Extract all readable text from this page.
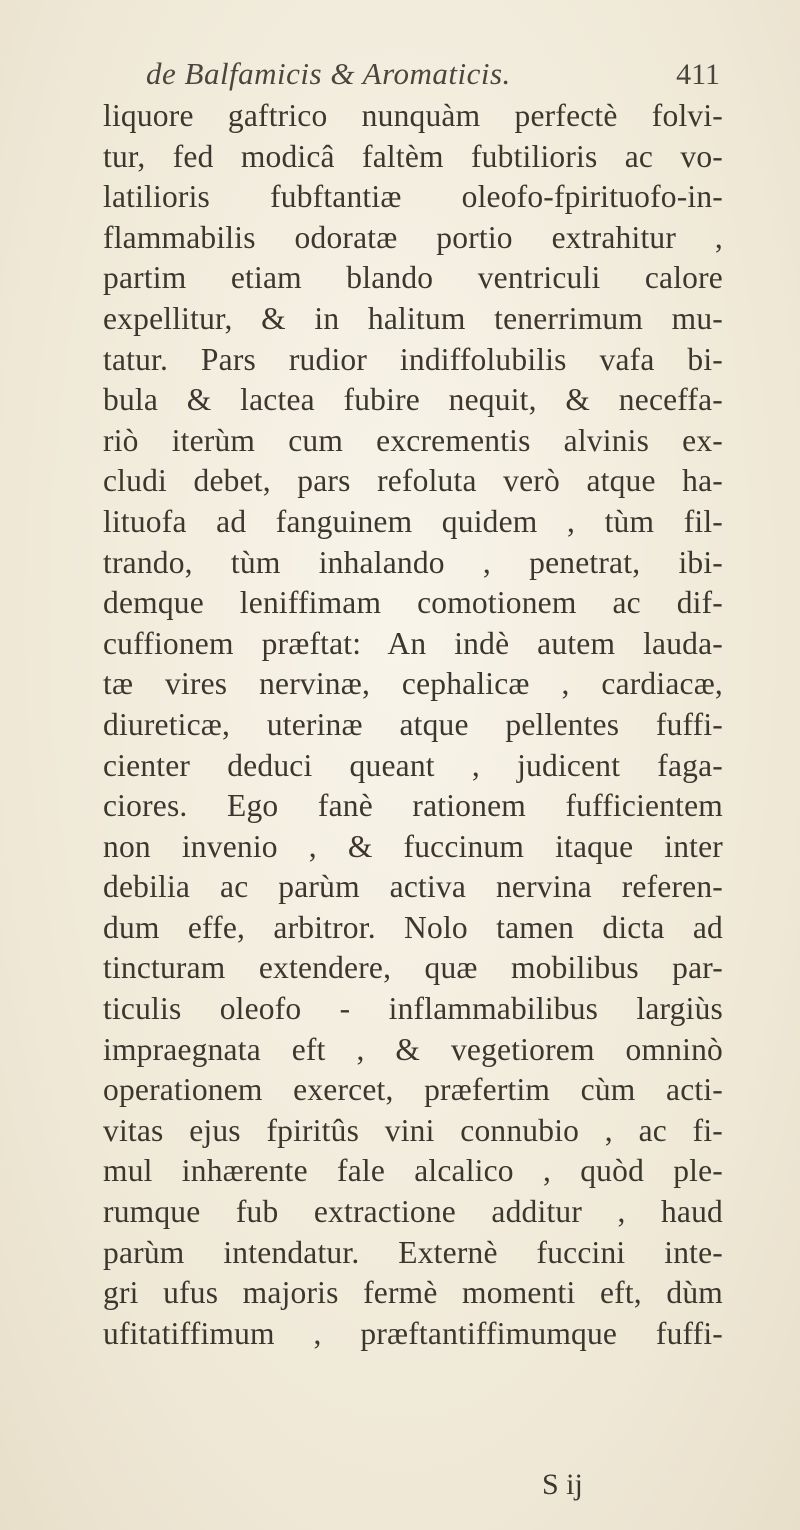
de Balfamicis & Aromaticis.	411
liquore gaftrico nunquàm perfectè folvi-
tur, fed modicâ faltèm fubtilioris ac vo-
latilioris fubftantiæ oleofo-fpirituofo-in-
flammabilis odoratæ portio extrahitur ,
partim etiam blando ventriculi calore
expellitur, & in halitum tenerrimum mu-
tatur. Pars rudior indiffolubilis vafa bi-
bula & lactea fubire nequit, & neceffa-
riò iterùm cum excrementis alvinis ex-
cludi debet, pars refoluta verò atque ha-
lituofa ad fanguinem quidem , tùm fil-
trando, tùm inhalando , penetrat, ibi-
demque leniffimam comotionem ac dif-
cuffionem præftat: An indè autem lauda-
tæ vires nervinæ, cephalicæ , cardiacæ,
diureticæ, uterinæ atque pellentes fuffi-
cienter deduci queant , judicent faga-
ciores. Ego fanè rationem fufficientem
non invenio , & fuccinum itaque inter
debilia ac parùm activa nervina referen-
dum effe, arbitror. Nolo tamen dicta ad
tincturam extendere, quæ mobilibus par-
ticulis oleofo - inflammabilibus largiùs
impraegnata eft , & vegetiorem omninò
operationem exercet, præfertim cùm acti-
vitas ejus fpiritûs vini connubio , ac fi-
mul inhærente fale alcalico , quòd ple-
rumque fub extractione additur , haud
parùm intendatur. Externè fuccini inte-
gri ufus majoris fermè momenti eft, dùm
ufitatiffimum , præftantiffimumque fuffi-
S ij
